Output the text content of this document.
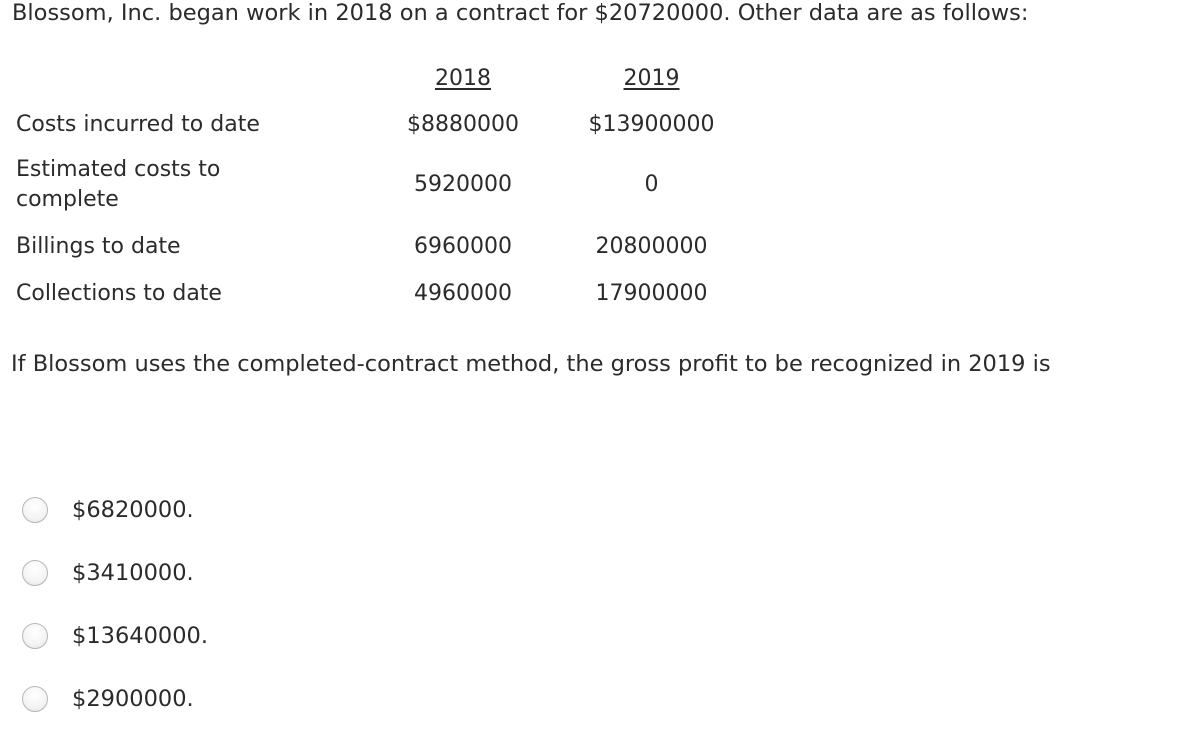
Blossom, Inc. began work in 2018 on a contract for $20720000. Other data are as follows:

	2018	2019
Costs incurred to date	$8880000	$13900000
Estimated costs to complete	5920000	0
Billings to date	6960000	20800000
Collections to date	4960000	17900000

If Blossom uses the completed-contract method, the gross profit to be recognized in 2019 is

$6820000.
$3410000.
$13640000.
$2900000.
